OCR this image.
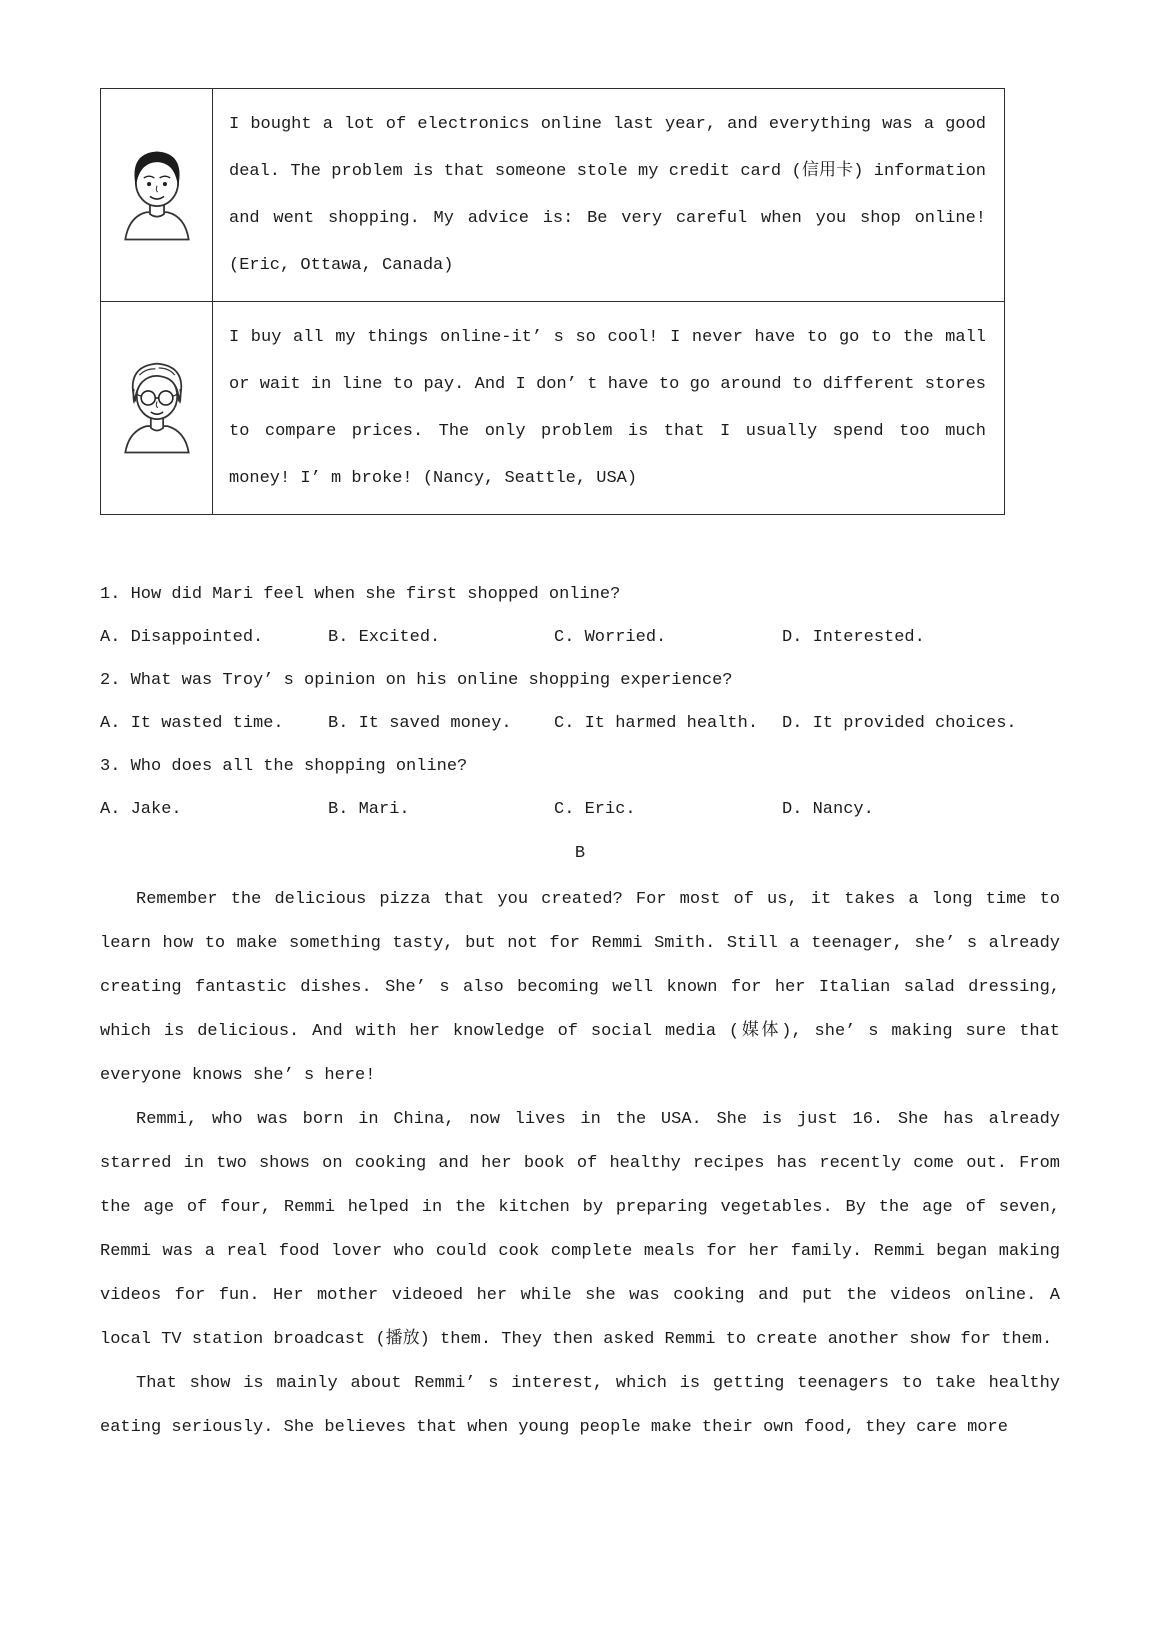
	I bought a lot of electronics online last year, and everything was a good deal. The problem is that someone stole my credit card (信用卡) information and went shopping. My advice is: Be very careful when you shop online! (Eric, Ottawa, Canada)
	I buy all my things online-it’ s so cool! I never have to go to the mall or wait in line to pay. And I don’ t have to go around to different stores to compare prices. The only problem is that I usually spend too much money! I’ m broke! (Nancy, Seattle, USA)
1. How did Mari feel when she first shopped online?
A. Disappointed.	B. Excited.	C. Worried.	D. Interested.
2. What was Troy’ s opinion on his online shopping experience?
A. It wasted time.	B. It saved money.	C. It harmed health.	D. It provided choices.
3. Who does all the shopping online?
A. Jake.	B. Mari.	C. Eric.	D. Nancy.
B

Remember the delicious pizza that you created? For most of us, it takes a long time to learn how to make something tasty, but not for Remmi Smith. Still a teenager, she’ s already creating fantastic dishes. She’ s also becoming well known for her Italian salad dressing, which is delicious. And with her knowledge of social media (媒体), she’ s making sure that everyone knows she’ s here!

Remmi, who was born in China, now lives in the USA. She is just 16. She has already starred in two shows on cooking and her book of healthy recipes has recently come out. From the age of four, Remmi helped in the kitchen by preparing vegetables. By the age of seven, Remmi was a real food lover who could cook complete meals for her family. Remmi began making videos for fun. Her mother videoed her while she was cooking and put the videos online. A local TV station broadcast (播放) them. They then asked Remmi to create another show for them.

That show is mainly about Remmi’ s interest, which is getting teenagers to take healthy eating seriously. She believes that when young people make their own food, they care more
